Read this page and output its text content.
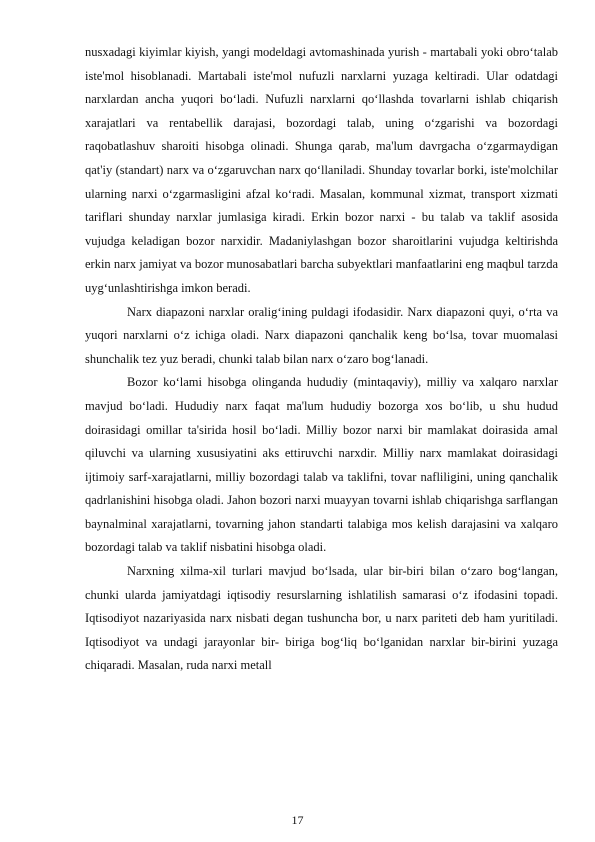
nusxadagi kiyimlar kiyish, yangi modeldagi avtomashinada yurish - martabali yoki obro‘talab iste'mol hisoblanadi. Martabali iste'mol nufuzli narxlarni yuzaga keltiradi. Ular odatdagi narxlardan ancha yuqori bo‘ladi. Nufuzli narxlarni qo‘llashda tovarlarni ishlab chiqarish xarajatlari va rentabellik darajasi, bozordagi talab, uning o‘zgarishi va bozordagi raqobatlashuv sharoiti hisobga olinadi. Shunga qarab, ma'lum davrgacha o‘zgarmaydigan qat'iy (standart) narx va o‘zgaruvchan narx qo‘llaniladi. Shunday tovarlar borki, iste'molchilar ularning narxi o‘zgarmasligini afzal ko‘radi. Masalan, kommunal xizmat, transport xizmati tariflari shunday narxlar jumlasiga kiradi. Erkin bozor narxi - bu talab va taklif asosida vujudga keladigan bozor narxidir. Madaniylashgan bozor sharoitlarini vujudga keltirishda erkin narx jamiyat va bozor munosabatlari barcha subyektlari manfaatlarini eng maqbul tarzda uyg‘unlashtirishga imkon beradi.

Narx diapazoni narxlar oralig‘ining puldagi ifodasidir. Narx diapazoni quyi, o‘rta va yuqori narxlarni o‘z ichiga oladi. Narx diapazoni qanchalik keng bo‘lsa, tovar muomalasi shunchalik tez yuz beradi, chunki talab bilan narx o‘zaro bog‘lanadi.

Bozor ko‘lami hisobga olinganda hududiy (mintaqaviy), milliy va xalqaro narxlar mavjud bo‘ladi. Hududiy narx faqat ma'lum hududiy bozorga xos bo‘lib, u shu hudud doirasidagi omillar ta'sirida hosil bo‘ladi. Milliy bozor narxi bir mamlakat doirasida amal qiluvchi va ularning xususiyatini aks ettiruvchi narxdir. Milliy narx mamlakat doirasidagi ijtimoiy sarf-xarajatlarni, milliy bozordagi talab va taklifni, tovar nafliligini, uning qanchalik qadrlanishini hisobga oladi. Jahon bozori narxi muayyan tovarni ishlab chiqarishga sarflangan baynalminal xarajatlarni, tovarning jahon standarti talabiga mos kelish darajasini va xalqaro bozordagi talab va taklif nisbatini hisobga oladi.

Narxning xilma-xil turlari mavjud bo‘lsada, ular bir-biri bilan o‘zaro bog‘langan, chunki ularda jamiyatdagi iqtisodiy resurslarning ishlatilish samarasi o‘z ifodasini topadi. Iqtisodiyot nazariyasida narx nisbati degan tushuncha bor, u narx pariteti deb ham yuritiladi. Iqtisodiyot va undagi jarayonlar bir- biriga bog‘liq bo‘lganidan narxlar bir-birini yuzaga chiqaradi. Masalan, ruda narxi metall

17
